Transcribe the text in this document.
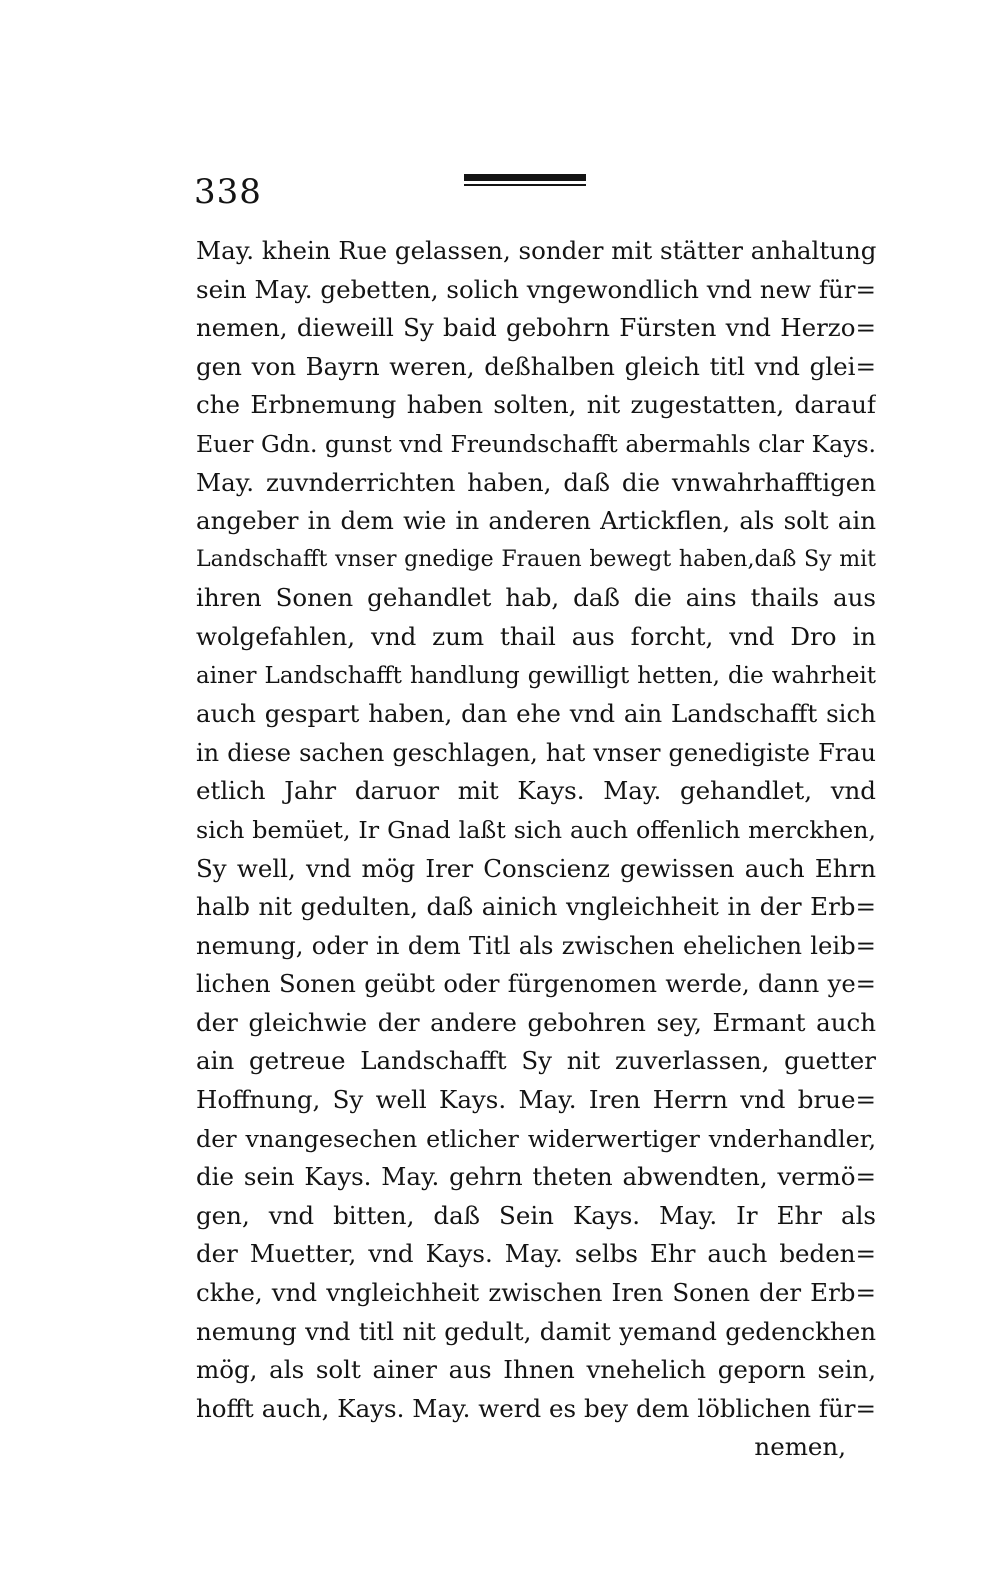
338
May. khein Rue gelassen, sonder mit stätter anhaltung
sein May. gebetten, solich vngewondlich vnd new für=
nemen, dieweill Sy baid gebohrn Fürsten vnd Herzo=
gen von Bayrn weren, deßhalben gleich titl vnd glei=
che Erbnemung haben solten, nit zugestatten, darauf
Euer Gdn. gunst vnd Freundschafft abermahls clar Kays.
May. zuvnderrichten haben, daß die vnwahrhafftigen
angeber in dem wie in anderen Artickflen, als solt ain
Landschafft vnser gnedige Frauen bewegt haben,daß Sy mit
ihren Sonen gehandlet hab, daß die ains thails aus
wolgefahlen, vnd zum thail aus forcht, vnd Dro in
ainer Landschafft handlung gewilligt hetten, die wahrheit
auch gespart haben, dan ehe vnd ain Landschafft sich
in diese sachen geschlagen, hat vnser genedigiste Frau
etlich Jahr daruor mit Kays. May. gehandlet, vnd
sich bemüet, Ir Gnad laßt sich auch offenlich merckhen,
Sy well, vnd mög Irer Conscienz gewissen auch Ehrn
halb nit gedulten, daß ainich vngleichheit in der Erb=
nemung, oder in dem Titl als zwischen ehelichen leib=
lichen Sonen geübt oder fürgenomen werde, dann ye=
der gleichwie der andere gebohren sey, Ermant auch
ain getreue Landschafft Sy nit zuverlassen, guetter
Hoffnung, Sy well Kays. May. Iren Herrn vnd brue=
der vnangesechen etlicher widerwertiger vnderhandler,
die sein Kays. May. gehrn theten abwendten, vermö=
gen, vnd bitten, daß Sein Kays. May. Ir Ehr als
der Muetter, vnd Kays. May. selbs Ehr auch beden=
ckhe, vnd vngleichheit zwischen Iren Sonen der Erb=
nemung vnd titl nit gedult, damit yemand gedenckhen
mög, als solt ainer aus Ihnen vnehelich geporn sein,
hofft auch, Kays. May. werd es bey dem löblichen für=
nemen,
